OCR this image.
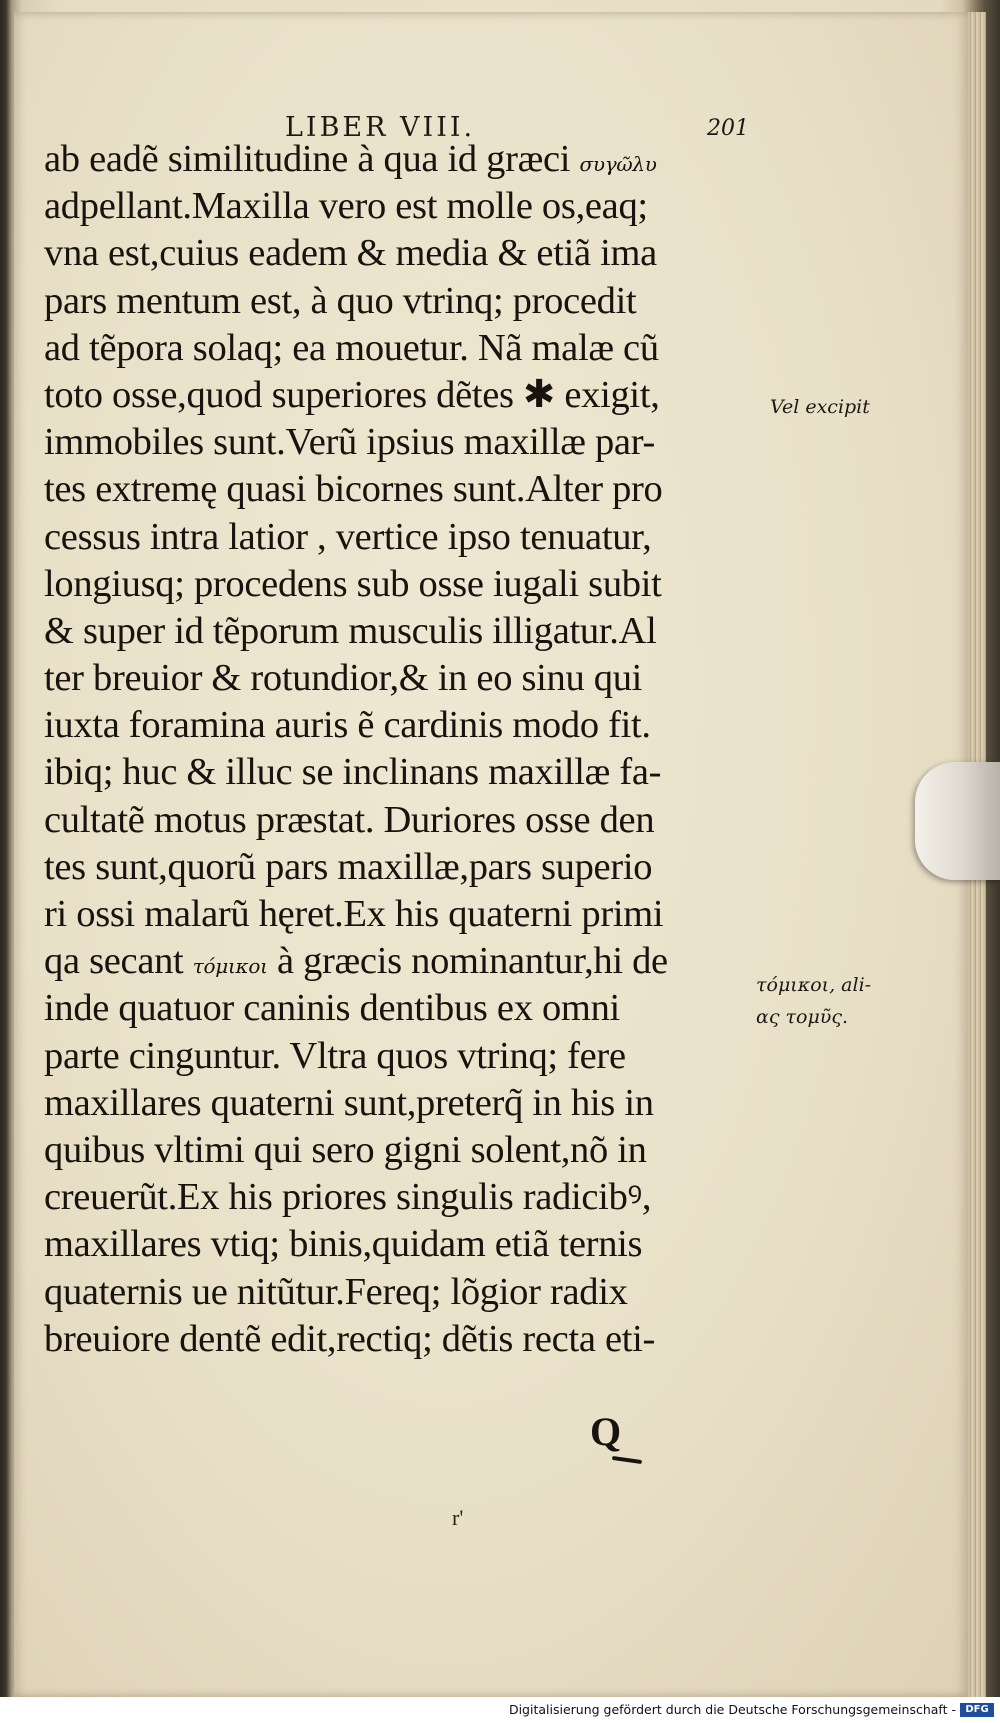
LIBER VIII.	201
ab eadẽ similitudine à qua id græci συγῶλυ
adpellant.Maxilla vero est molle os,eaq;
vna est,cuius eadem & media & etiã ima
pars mentum est, à quo vtrinq; procedit
ad tẽpora solaq; ea mouetur. Nã malæ cũ
toto osse,quod superiores dẽtes ✱ exigit,
immobiles sunt.Verũ ipsius maxillæ par-
tes extremę quasi bicornes sunt.Alter pro
cessus intra latior , vertice ipso tenuatur,
longiusq; procedens sub osse iugali subit
& super id tẽporum musculis illigatur.Al
ter breuior & rotundior,& in eo sinu qui
iuxta foramina auris ẽ cardinis modo fit.
ibiq; huc & illuc se inclinans maxillæ fa-
cultatẽ motus præstat. Duriores osse den
tes sunt,quorũ pars maxillæ,pars superio
ri ossi malarũ hęret.Ex his quaterni primi
qa secant τόμικοι à græcis nominantur,hi de
inde quatuor caninis dentibus ex omni
parte cinguntur. Vltra quos vtrinq; fere
maxillares quaterni sunt,preterq̃ in his in
quibus vltimi qui sero gigni solent,nõ in
creuerũt.Ex his priores singulis radicibꝰ,
maxillares vtiq; binis,quidam etiã ternis
quaternis ue nitũtur.Fereq; lõgior radix
breuiore dentẽ edit,rectiq; dẽtis recta eti-
Vel excipit
τόμικοι, ali-
ας τομῦς.
Q
r'
Digitalisierung gefördert durch die Deutsche Forschungsgemeinschaft - DFG
